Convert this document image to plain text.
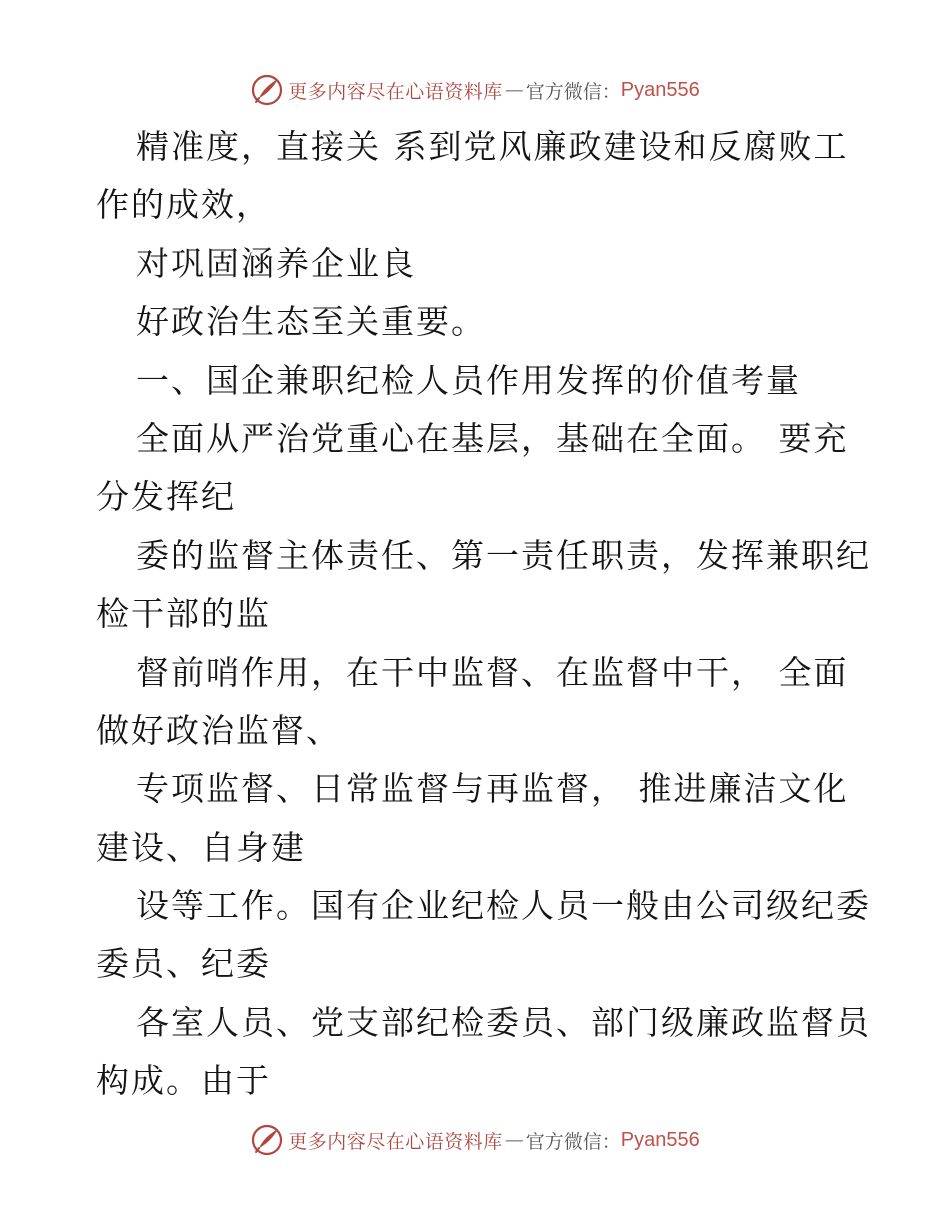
更多内容尽在心语资料库 — 官方微信： Pyan556
精准度，直接关 系到党风廉政建设和反腐败工
作的成效，
对巩固涵养企业良
好政治生态至关重要。
一、国企兼职纪检人员作用发挥的价值考量
全面从严治党重心在基层，基础在全面。 要充
分发挥纪
委的监督主体责任、第一责任职责，发挥兼职纪
检干部的监
督前哨作用，在干中监督、在监督中干， 全面
做好政治监督、
专项监督、日常监督与再监督， 推进廉洁文化
建设、自身建
设等工作。国有企业纪检人员一般由公司级纪委
委员、纪委
各室人员、党支部纪检委员、部门级廉政监督员
构成。由于
更多内容尽在心语资料库 — 官方微信： Pyan556
